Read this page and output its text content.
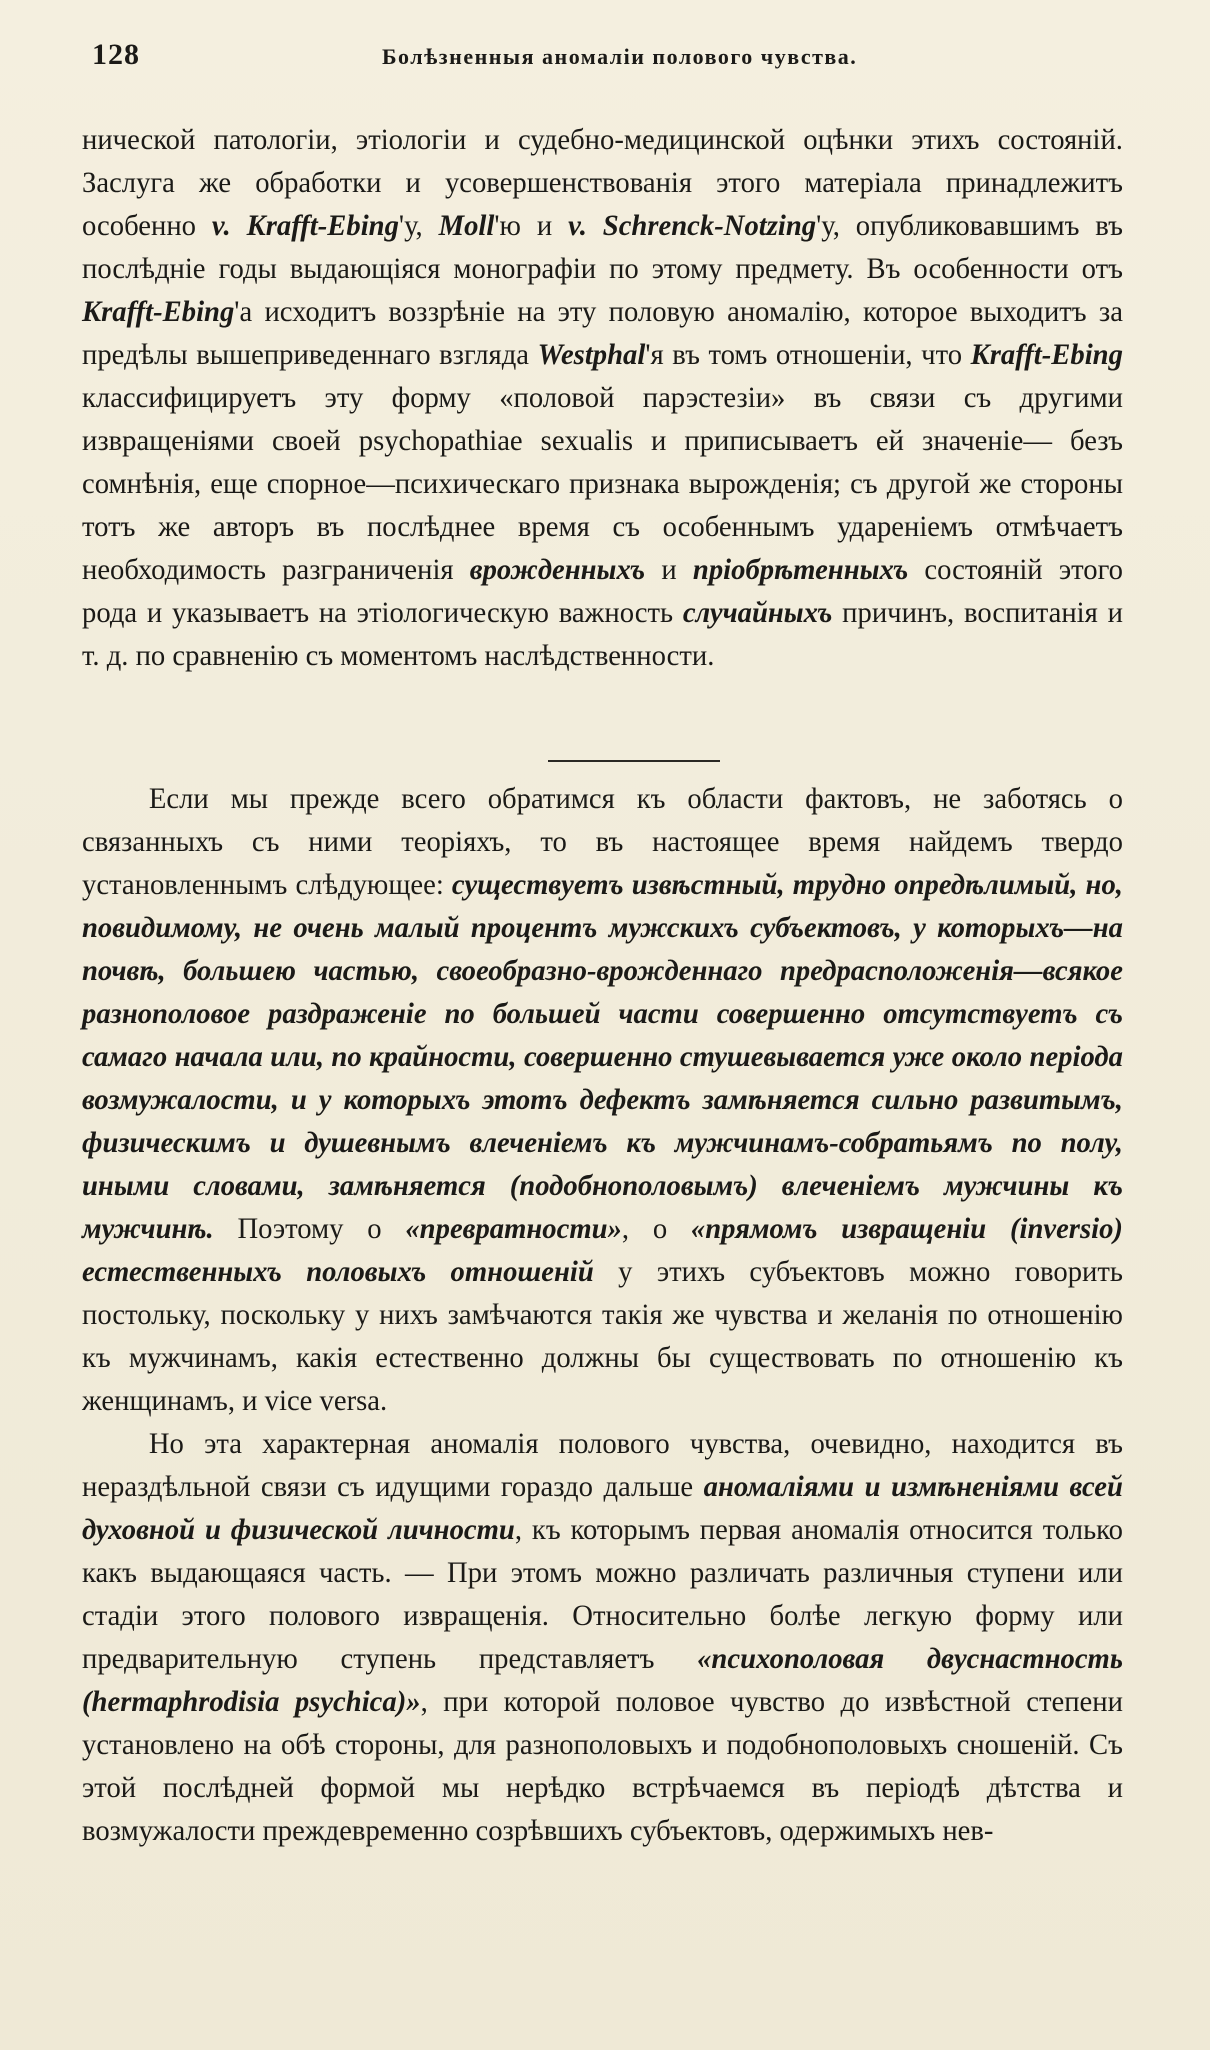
128	Болѣзненныя аномаліи полового чувства.

нической патологіи, этіологіи и судебно-медицинской оцѣнки этихъ состояній. Заслуга же обработки и усовершенствованія этого матеріала принадлежитъ особенно v. Krafft-Ebing'у, Moll'ю и v. Schrenck-Notzing'у, опубликовавшимъ въ послѣдніе годы выдающіяся монографіи по этому предмету. Въ особенности отъ Krafft-Ebing'а исходитъ воззрѣніе на эту половую аномалію, которое выходитъ за предѣлы вышеприведеннаго взгляда Westphal'я въ томъ отношеніи, что Krafft-Ebing классифицируетъ эту форму «половой парэстезіи» въ связи съ другими извращеніями своей psychopathiae sexualis и приписываетъ ей значеніе— безъ сомнѣнія, еще спорное—психическаго признака вырожденія; съ другой же стороны тотъ же авторъ въ послѣднее время съ особеннымъ удареніемъ отмѣчаетъ необходимость разграниченія врожденныхъ и пріобрѣтенныхъ состояній этого рода и указываетъ на этіологическую важность случайныхъ причинъ, воспитанія и т. д. по сравненію съ моментомъ наслѣдственности.

Если мы прежде всего обратимся къ области фактовъ, не заботясь о связанныхъ съ ними теоріяхъ, то въ настоящее время найдемъ твердо установленнымъ слѣдующее: существуетъ извѣстный, трудно опредѣлимый, но, повидимому, не очень малый процентъ мужскихъ субъектовъ, у которыхъ—на почвѣ, большею частью, своеобразно-врожденнаго предрасположенія—всякое разнополовое раздраженіе по большей части совершенно отсутствуетъ съ самаго начала или, по крайности, совершенно стушевывается уже около періода возмужалости, и у которыхъ этотъ дефектъ замѣняется сильно развитымъ, физическимъ и душевнымъ влеченіемъ къ мужчинамъ-собратьямъ по полу, иными словами, замѣняется (подобнополовымъ) влеченіемъ мужчины къ мужчинѣ. Поэтому о «превратности», о «прямомъ извращеніи (inversio) естественныхъ половыхъ отношеній у этихъ субъектовъ можно говорить постольку, поскольку у нихъ замѣчаются такія же чувства и желанія по отношенію къ мужчинамъ, какія естественно должны бы существовать по отношенію къ женщинамъ, и vice versa.

Но эта характерная аномалія полового чувства, очевидно, находится въ нераздѣльной связи съ идущими гораздо дальше аномаліями и измѣненіями всей духовной и физической личности, къ которымъ первая аномалія относится только какъ выдающаяся часть. — При этомъ можно различать различныя ступени или стадіи этого полового извращенія. Относительно болѣе легкую форму или предварительную ступень представляетъ «психополовая двуснастность (hermaphrodisia psychica)», при которой половое чувство до извѣстной степени установлено на обѣ стороны, для разнополовыхъ и подобнополовыхъ сношеній. Съ этой послѣдней формой мы нерѣдко встрѣчаемся въ періодѣ дѣтства и возмужалости преждевременно созрѣвшихъ субъектовъ, одержимыхъ нев-
